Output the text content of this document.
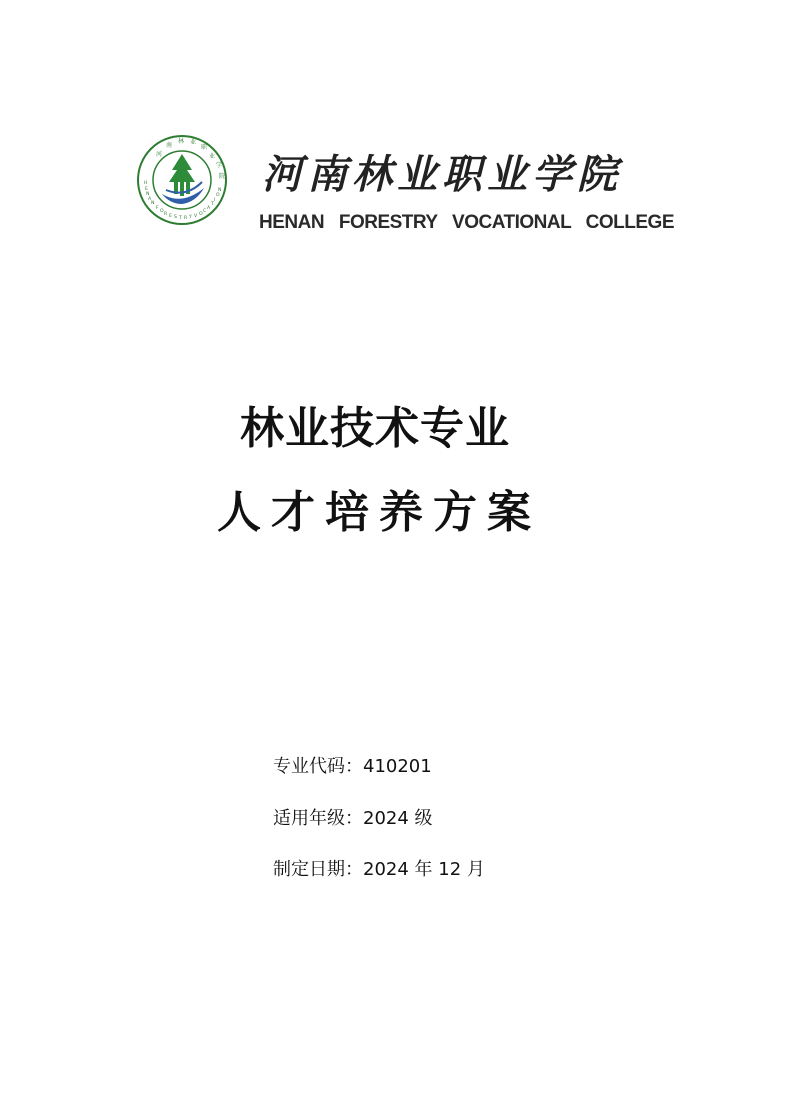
河
南
林 业
职
业
学
院
H
E
N
A
N
F
O
R E S T R Y V O
C
A
T
I
O
N 河南林业职业学院
HENAN FORESTRY VOCATIONAL COLLEGE
林业技术专业
人才培养方案
专业代码：410201
适用年级：2024 级
制定日期：2024 年 12 月
